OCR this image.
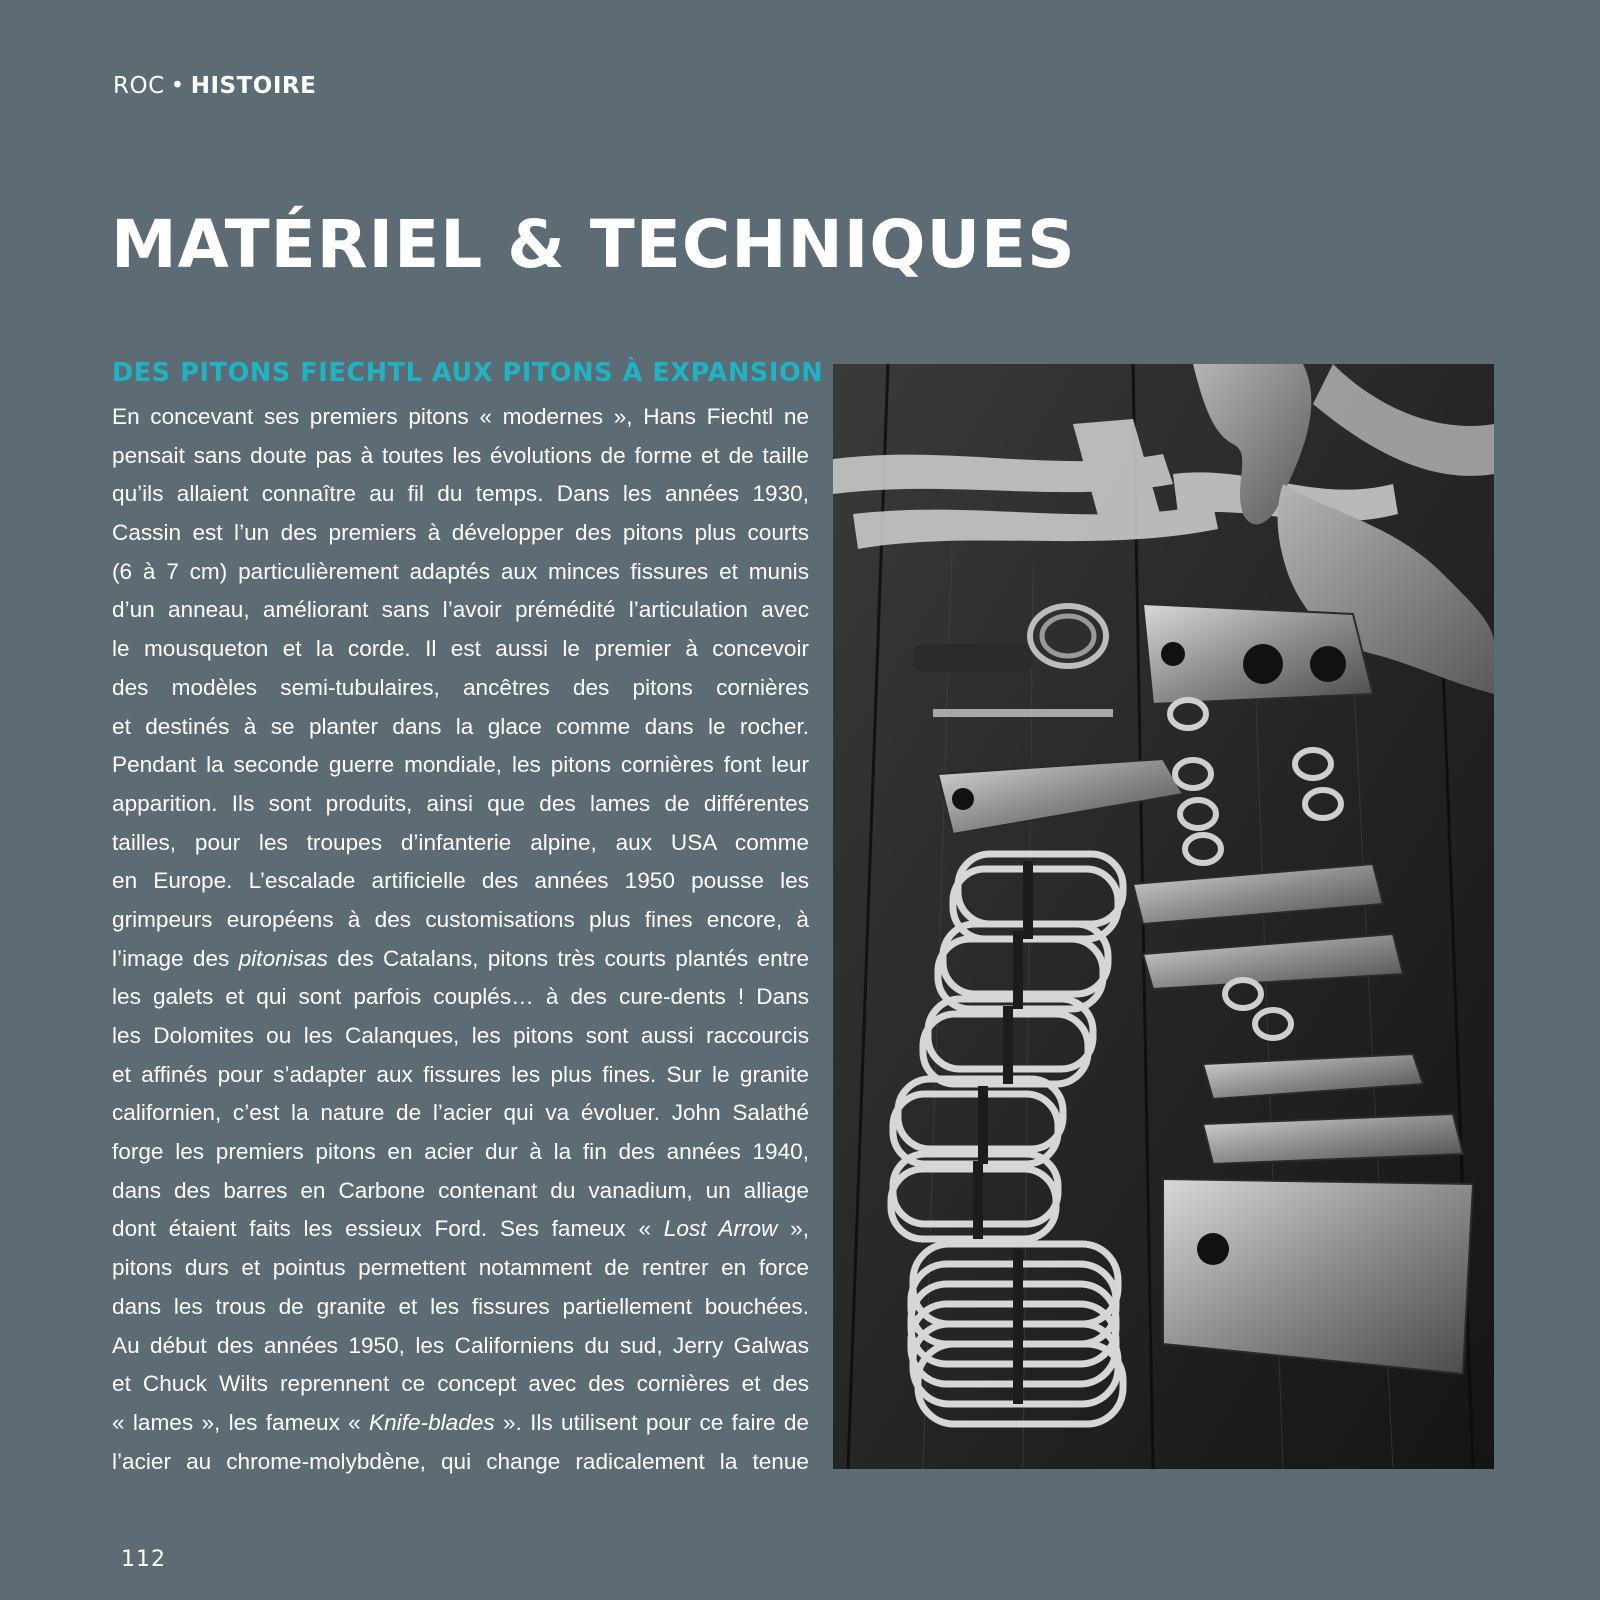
ROC • HISTOIRE
MATÉRIEL & TECHNIQUES
DES PITONS FIECHTL AUX PITONS À EXPANSION
En concevant ses premiers pitons « modernes », Hans Fiechtl ne
pensait sans doute pas à toutes les évolutions de forme et de taille
qu’ils allaient connaître au fil du temps. Dans les années 1930,
Cassin est l’un des premiers à développer des pitons plus courts
(6 à 7 cm) particulièrement adaptés aux minces fissures et munis
d’un anneau, améliorant sans l’avoir prémédité l’articulation avec
le mousqueton et la corde. Il est aussi le premier à concevoir
des modèles semi-tubulaires, ancêtres des pitons cornières
et destinés à se planter dans la glace comme dans le rocher.
Pendant la seconde guerre mondiale, les pitons cornières font leur
apparition. Ils sont produits, ainsi que des lames de différentes
tailles, pour les troupes d’infanterie alpine, aux USA comme
en Europe. L’escalade artificielle des années 1950 pousse les
grimpeurs européens à des customisations plus fines encore, à
l’image des pitonisas des Catalans, pitons très courts plantés entre
les galets et qui sont parfois couplés… à des cure-dents ! Dans
les Dolomites ou les Calanques, les pitons sont aussi raccourcis
et affinés pour s’adapter aux fissures les plus fines. Sur le granite
californien, c’est la nature de l’acier qui va évoluer. John Salathé
forge les premiers pitons en acier dur à la fin des années 1940,
dans des barres en Carbone contenant du vanadium, un alliage
dont étaient faits les essieux Ford. Ses fameux « Lost Arrow »,
pitons durs et pointus permettent notamment de rentrer en force
dans les trous de granite et les fissures partiellement bouchées.
Au début des années 1950, les Californiens du sud, Jerry Galwas
et Chuck Wilts reprennent ce concept avec des cornières et des
« lames », les fameux « Knife-blades ». Ils utilisent pour ce faire de
l’acier au chrome-molybdène, qui change radicalement la tenue
112
